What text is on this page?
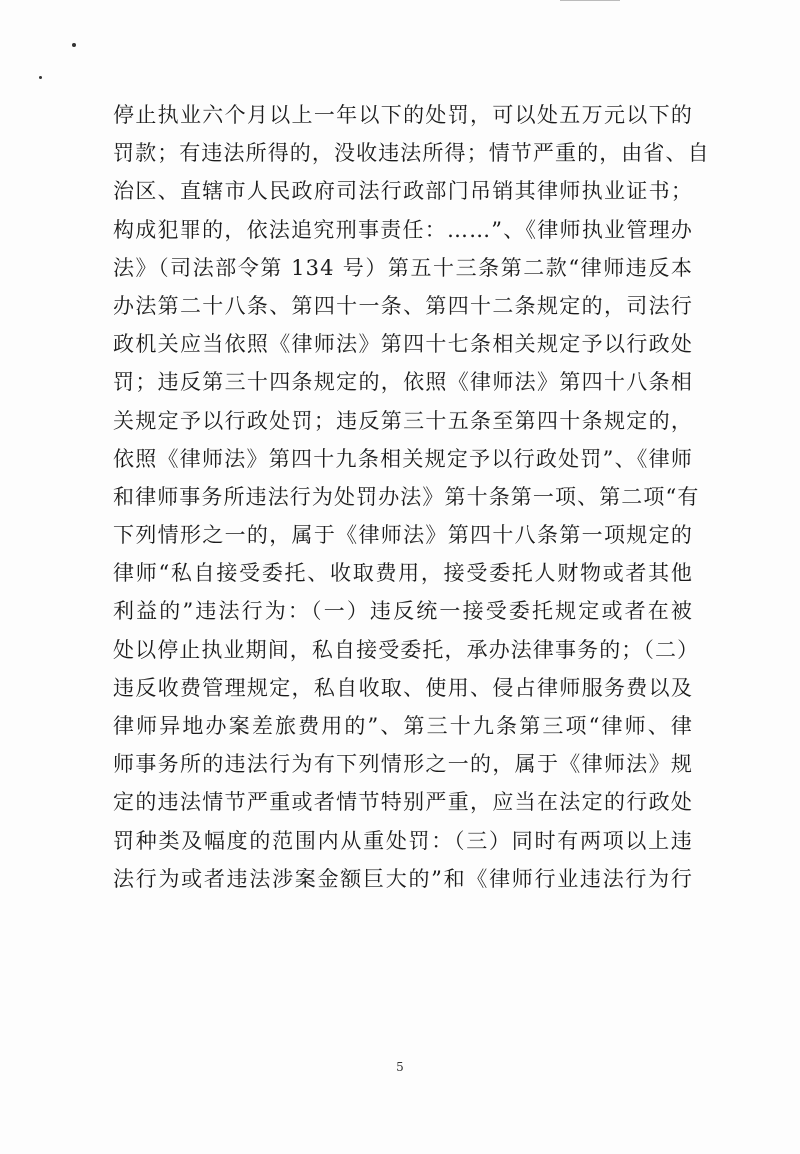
停止执业六个月以上一年以下的处罚，可以处五万元以下的
罚款；有违法所得的，没收违法所得；情节严重的，由省、自
治区、直辖市人民政府司法行政部门吊销其律师执业证书；
构成犯罪的，依法追究刑事责任：……”、《律师执业管理办
法》（司法部令第 134 号）第五十三条第二款“律师违反本
办法第二十八条、第四十一条、第四十二条规定的，司法行
政机关应当依照《律师法》第四十七条相关规定予以行政处
罚；违反第三十四条规定的，依照《律师法》第四十八条相
关规定予以行政处罚；违反第三十五条至第四十条规定的，
依照《律师法》第四十九条相关规定予以行政处罚”、《律师
和律师事务所违法行为处罚办法》第十条第一项、第二项“有
下列情形之一的，属于《律师法》第四十八条第一项规定的
律师“私自接受委托、收取费用，接受委托人财物或者其他
利益的”违法行为：（一）违反统一接受委托规定或者在被
处以停止执业期间，私自接受委托，承办法律事务的；（二）
违反收费管理规定，私自收取、使用、侵占律师服务费以及
律师异地办案差旅费用的”、第三十九条第三项“律师、律
师事务所的违法行为有下列情形之一的，属于《律师法》规
定的违法情节严重或者情节特别严重，应当在法定的行政处
罚种类及幅度的范围内从重处罚：（三）同时有两项以上违
法行为或者违法涉案金额巨大的”和《律师行业违法行为行
5
